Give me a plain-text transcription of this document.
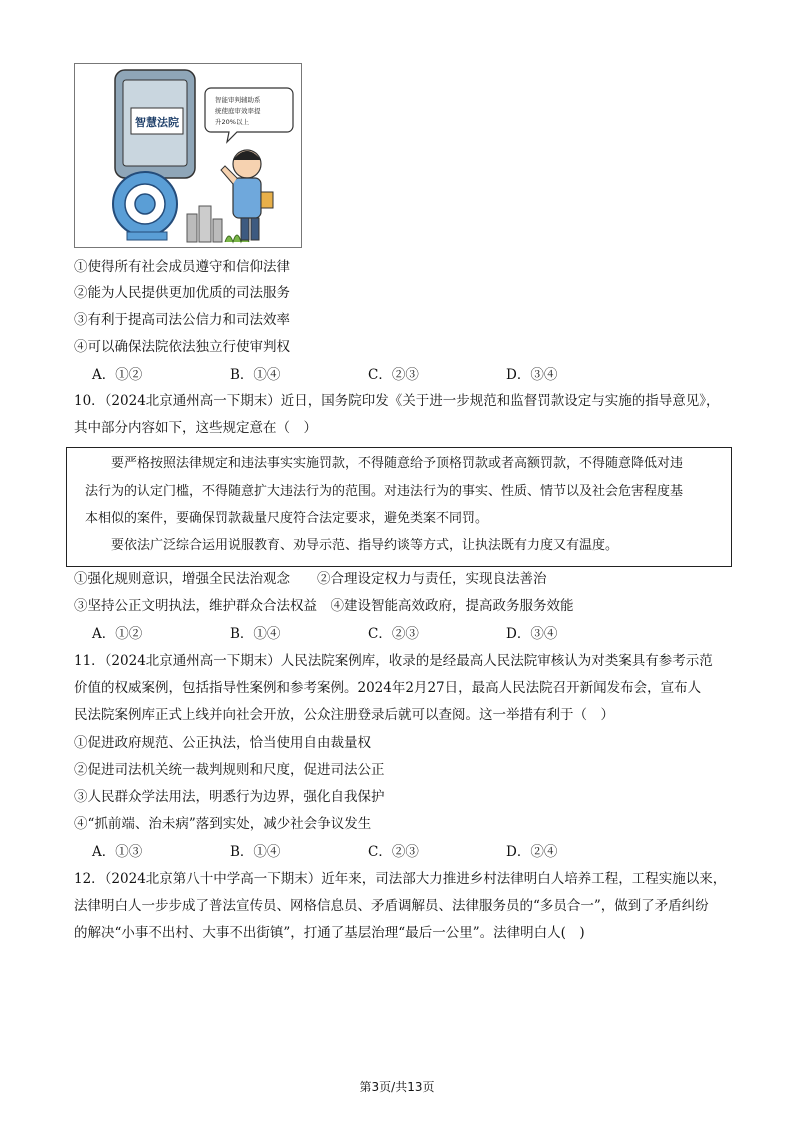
智慧法院
智能审判辅助系
统使庭审效率提
升20%以上
①使得所有社会成员遵守和信仰法律
②能为人民提供更加优质的司法服务
③有利于提高司法公信力和司法效率
④可以确保法院依法独立行使审判权
A．①②	B．①④	C．②③	D．③④
10．（2024北京通州高一下期末）近日，国务院印发《关于进一步规范和监督罚款设定与实施的指导意见》，
其中部分内容如下，这些规定意在（　）
要严格按照法律规定和违法事实实施罚款，不得随意给予顶格罚款或者高额罚款，不得随意降低对违
法行为的认定门槛，不得随意扩大违法行为的范围。对违法行为的事实、性质、情节以及社会危害程度基
本相似的案件，要确保罚款裁量尺度符合法定要求，避免类案不同罚。
要依法广泛综合运用说服教育、劝导示范、指导约谈等方式，让执法既有力度又有温度。
①强化规则意识，增强全民法治观念　　②合理设定权力与责任，实现良法善治
③坚持公正文明执法，维护群众合法权益　④建设智能高效政府，提高政务服务效能
A．①②	B．①④	C．②③	D．③④
11．（2024北京通州高一下期末）人民法院案例库，收录的是经最高人民法院审核认为对类案具有参考示范
价值的权威案例，包括指导性案例和参考案例。2024年2月27日，最高人民法院召开新闻发布会，宣布人
民法院案例库正式上线并向社会开放，公众注册登录后就可以查阅。这一举措有利于（　）
①促进政府规范、公正执法，恰当使用自由裁量权
②促进司法机关统一裁判规则和尺度，促进司法公正
③人民群众学法用法，明悉行为边界，强化自我保护
④“抓前端、治未病”落到实处，减少社会争议发生
A．①③	B．①④	C．②③	D．②④
12．（2024北京第八十中学高一下期末）近年来，司法部大力推进乡村法律明白人培养工程，工程实施以来，
法律明白人一步步成了普法宣传员、网格信息员、矛盾调解员、法律服务员的“多员合一”，做到了矛盾纠纷
的解决“小事不出村、大事不出街镇”，打通了基层治理“最后一公里”。法律明白人(　)
第3页/共13页
